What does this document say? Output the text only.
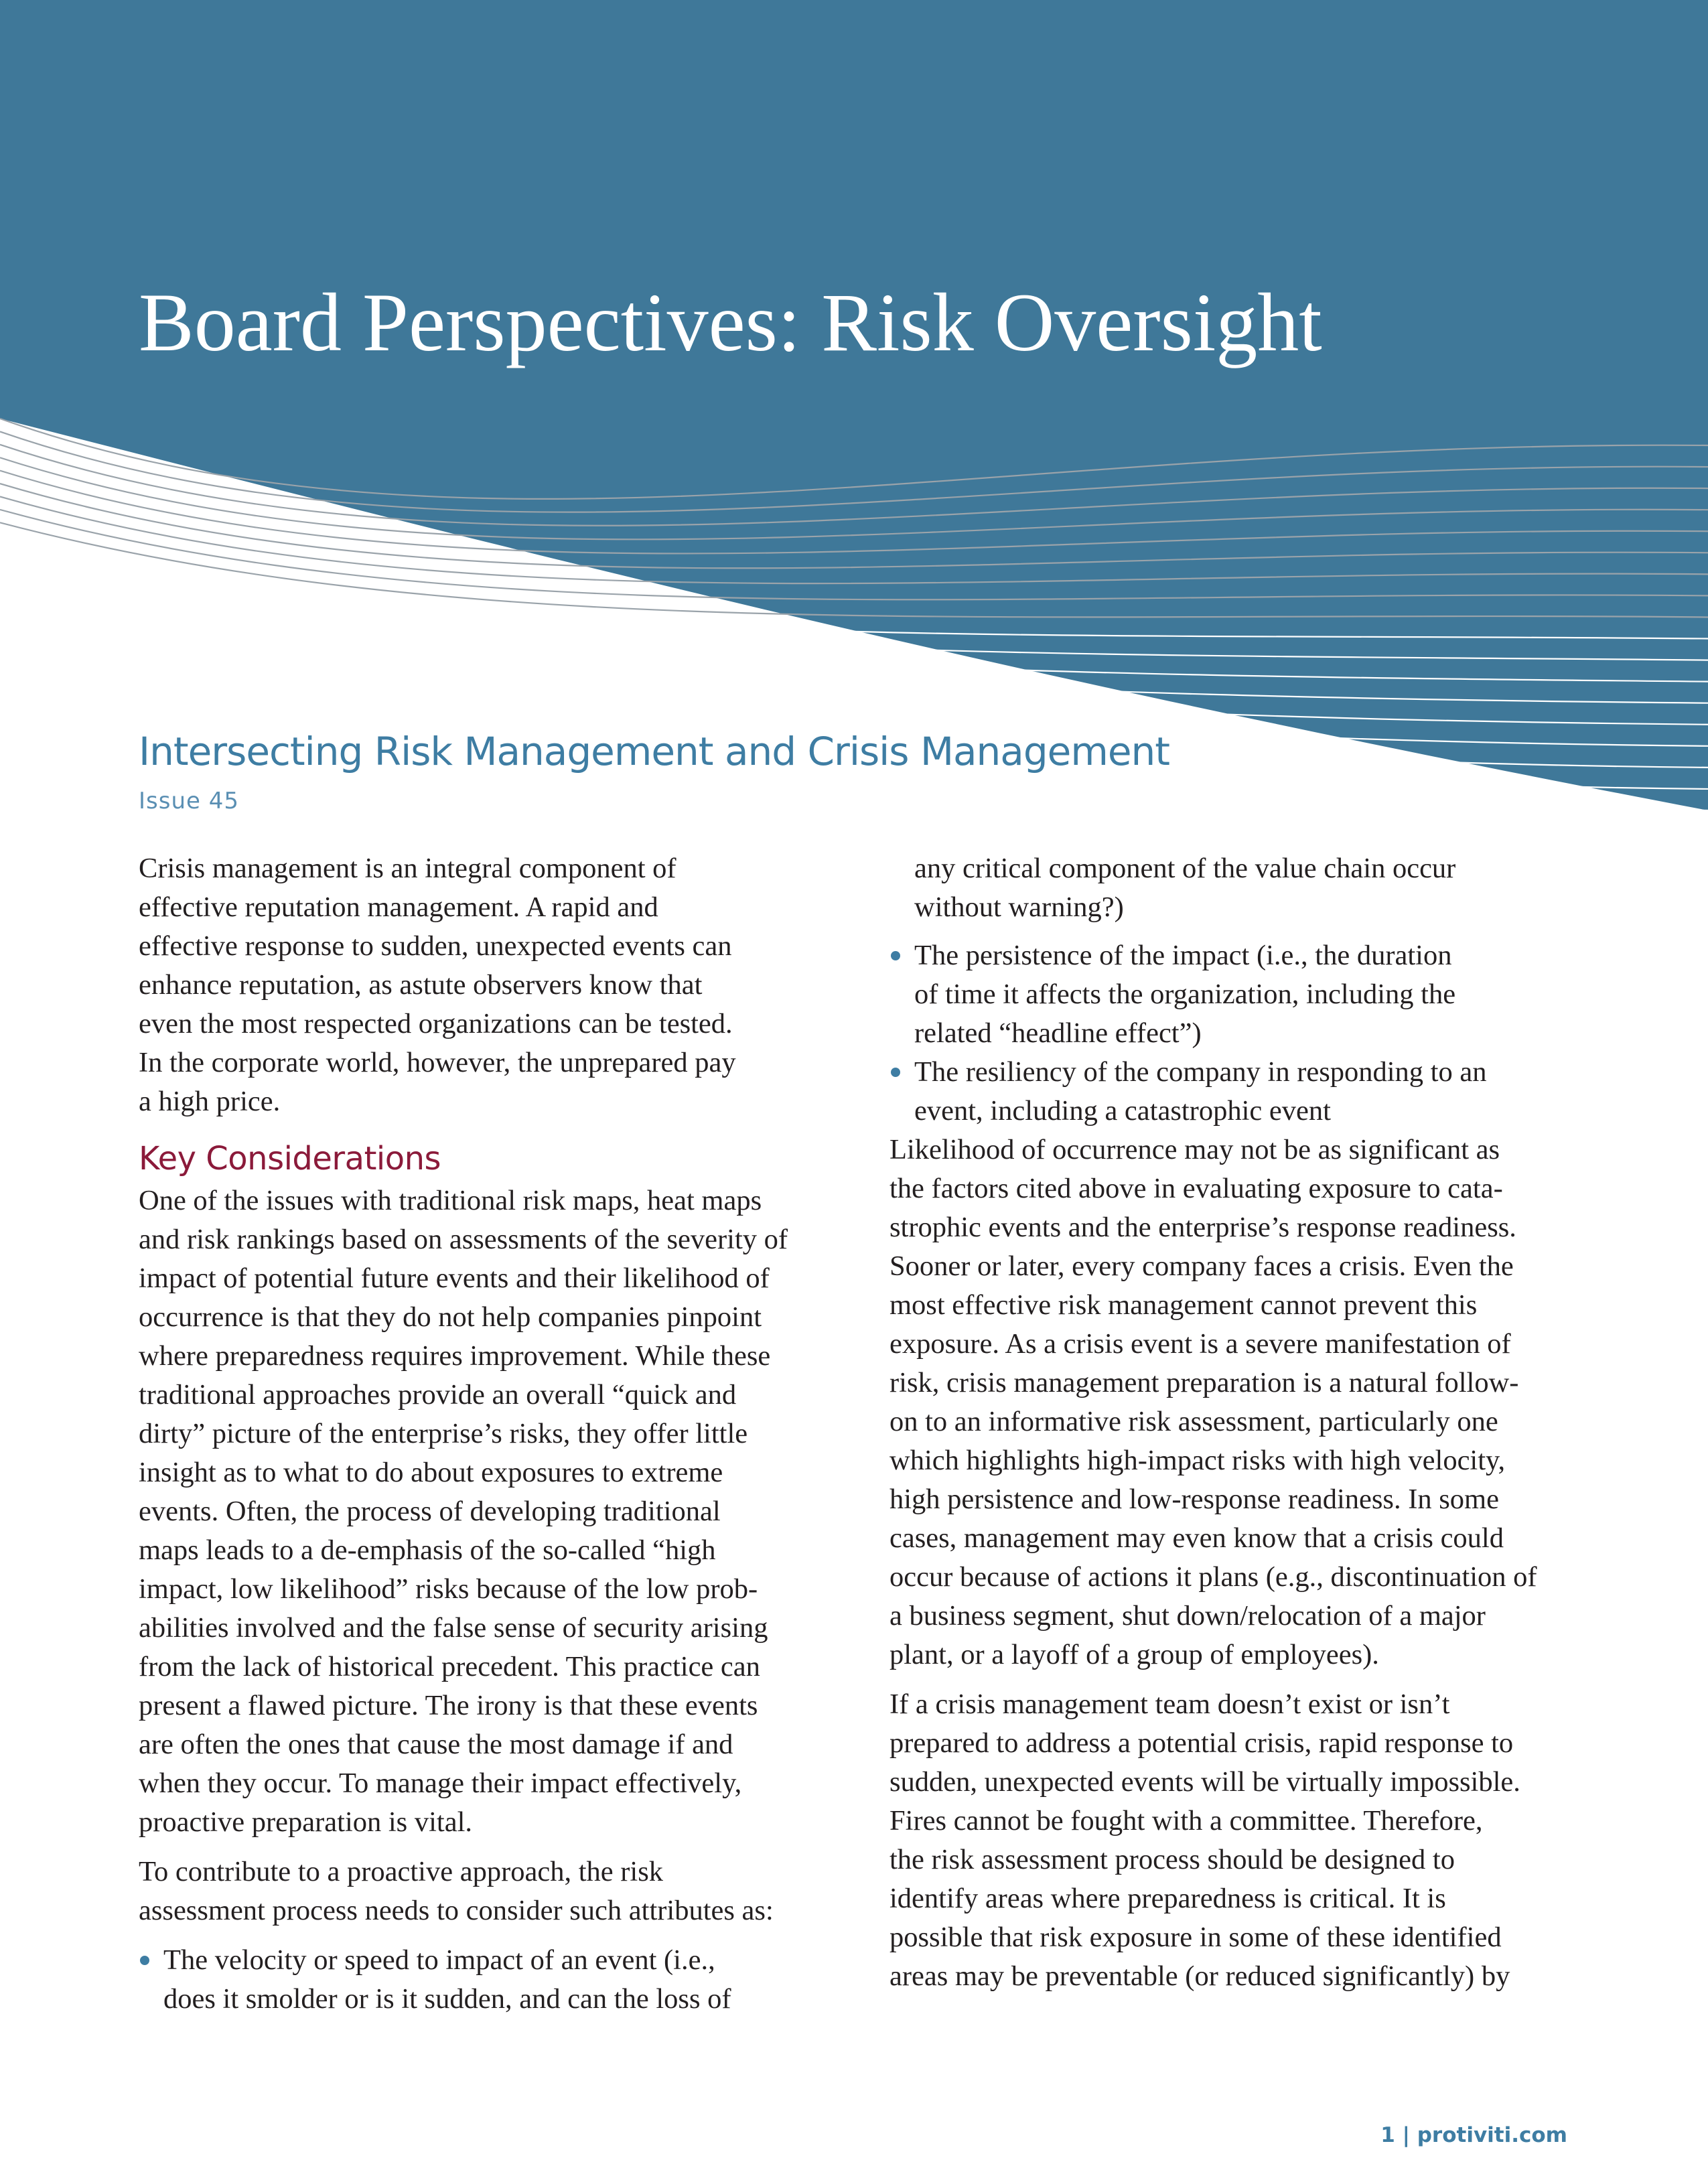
Board Perspectives: Risk Oversight
Intersecting Risk Management and Crisis Management
Issue 45

Crisis management is an integral component of
effective reputation management. A rapid and
effective response to sudden, unexpected events can
enhance reputation, as astute observers know that
even the most respected organizations can be tested.
In the corporate world, however, the unprepared pay
a high price.

Key Considerations

One of the issues with traditional risk maps, heat maps
and risk rankings based on assessments of the severity of
impact of potential future events and their likelihood of
occurrence is that they do not help companies pinpoint
where preparedness requires improvement. While these
traditional approaches provide an overall “quick and
dirty” picture of the enterprise’s risks, they offer little
insight as to what to do about exposures to extreme
events. Often, the process of developing traditional
maps leads to a de-emphasis of the so-called “high
impact, low likelihood” risks because of the low prob-
abilities involved and the false sense of security arising
from the lack of historical precedent. This practice can
present a flawed picture. The irony is that these events
are often the ones that cause the most damage if and
when they occur. To manage their impact effectively,
proactive preparation is vital.

To contribute to a proactive approach, the risk
assessment process needs to consider such attributes as:

The velocity or speed to impact of an event (i.e.,
does it smolder or is it sudden, and can the loss of

any critical component of the value chain occur
without warning?)

The persistence of the impact (i.e., the duration
of time it affects the organization, including the
related “headline effect”)
The resiliency of the company in responding to an
event, including a catastrophic event

Likelihood of occurrence may not be as significant as
the factors cited above in evaluating exposure to cata-
strophic events and the enterprise’s response readiness.
Sooner or later, every company faces a crisis. Even the
most effective risk management cannot prevent this
exposure. As a crisis event is a severe manifestation of
risk, crisis management preparation is a natural follow-
on to an informative risk assessment, particularly one
which highlights high-impact risks with high velocity,
high persistence and low-response readiness. In some
cases, management may even know that a crisis could
occur because of actions it plans (e.g., discontinuation of
a business segment, shut down/relocation of a major
plant, or a layoff of a group of employees).

If a crisis management team doesn’t exist or isn’t
prepared to address a potential crisis, rapid response to
sudden, unexpected events will be virtually impossible.
Fires cannot be fought with a committee. Therefore,
the risk assessment process should be designed to
identify areas where preparedness is critical. It is
possible that risk exposure in some of these identified
areas may be preventable (or reduced significantly) by

1 | protiviti.com
